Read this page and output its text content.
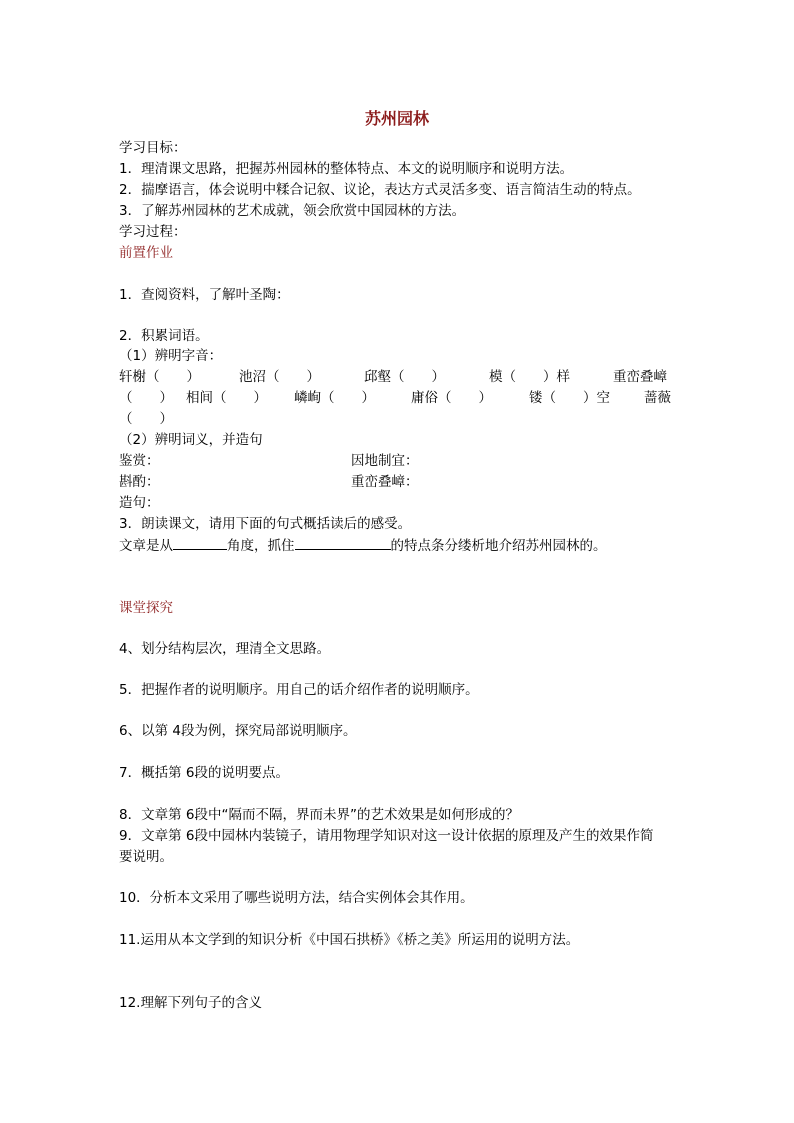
苏州园林
学习目标：
1．理清课文思路，把握苏州园林的整体特点、本文的说明顺序和说明方法。
2．揣摩语言，体会说明中糅合记叙、议论，表达方式灵活多变、语言简洁生动的特点。
3．了解苏州园林的艺术成就，领会欣赏中国园林的方法。
学习过程：
前置作业
1．查阅资料，了解叶圣陶：
2．积累词语。
（1）辨明字音：
轩榭（　　）	池沼（　　）	邱壑（　　）	模（　　）样	重峦叠嶂
（　　） 相间（　　） 嶙峋（　　）	庸俗（　　）	镂（　　）空	蔷薇
（　　）
（2）辨明词义，并造句
鉴赏：	因地制宜：
斟酌：	重峦叠嶂：
造句：
3．朗读课文，请用下面的句式概括读后的感受。
文章是从	角度，抓住	的特点条分缕析地介绍苏州园林的。
课堂探究
4、划分结构层次，理清全文思路。
5．把握作者的说明顺序。用自己的话介绍作者的说明顺序。
6、以第 4段为例，探究局部说明顺序。
7．概括第 6段的说明要点。
8．文章第 6段中“隔而不隔，界而未界”的艺术效果是如何形成的？
9．文章第 6段中园林内装镜子，请用物理学知识对这一设计依据的原理及产生的效果作简
要说明。
10．分析本文采用了哪些说明方法，结合实例体会其作用。
11.运用从本文学到的知识分析《中国石拱桥》《桥之美》所运用的说明方法。
12.理解下列句子的含义
